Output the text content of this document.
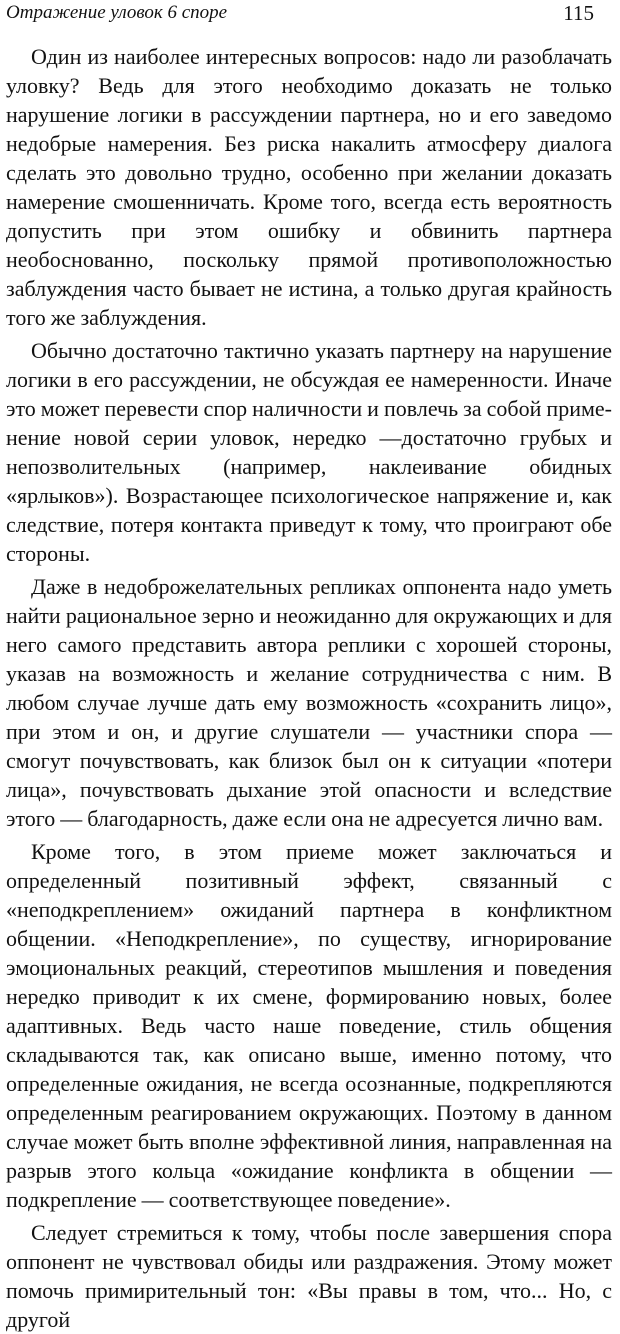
Отражение уловок 6 споре	115

Один из наиболее интересных вопросов: надо ли разоблачать уловку? Ведь для этого необходимо доказать не только нарушение логики в рассуждении партнера, но и его заведомо недобрые намерения. Без риска накалить атмосферу диалога сделать это довольно трудно, особенно при желании доказать намерение смошенничать. Кроме того, всегда есть вероятность допустить при этом ошибку и обвинить партнера необоснованно, поскольку прямой противоположностью заблуждения часто бывает не истина, а только другая крайность того же заблуждения.

Обычно достаточно тактично указать партнеру на нарушение логики в его рассуждении, не обсуждая ее намеренности. Иначе это может перевести спор наличности и повлечь за собой применение новой серии уловок, нередко —достаточно грубых и непозволительных (например, наклеивание обидных «ярлыков»). Возрастающее психологическое напряжение и, как следствие, потеря контакта приведут к тому, что проиграют обе стороны.

Даже в недоброжелательных репликах оппонента надо уметь найти рациональное зерно и неожиданно для окружающих и для него самого представить автора реплики с хорошей стороны, указав на возможность и желание сотрудничества с ним. В любом случае лучше дать ему возможность «сохранить лицо», при этом и он, и другие слушатели — участники спора — смогут почувствовать, как близок был он к ситуации «потери лица», почувствовать дыхание этой опасности и вследствие этого — благодарность, даже если она не адресуется лично вам.

Кроме того, в этом приеме может заключаться и определенный позитивный эффект, связанный с «неподкреплением» ожиданий партнера в конфликтном общении. «Неподкрепление», по существу, игнорирование эмоциональных реакций, стереотипов мышления и поведения нередко приводит к их смене, формированию новых, более адаптивных. Ведь часто наше поведение, стиль общения складываются так, как описано выше, именно потому, что определенные ожидания, не всегда осознанные, подкрепляются определенным реагированием окружающих. Поэтому в данном случае может быть вполне эффективной линия, направленная на разрыв этого кольца «ожидание конфликта в общении — подкрепление — соответствующее поведение».

Следует стремиться к тому, чтобы после завершения спора оппонент не чувствовал обиды или раздражения. Этому может помочь примирительный тон: «Вы правы в том, что... Но, с другой
